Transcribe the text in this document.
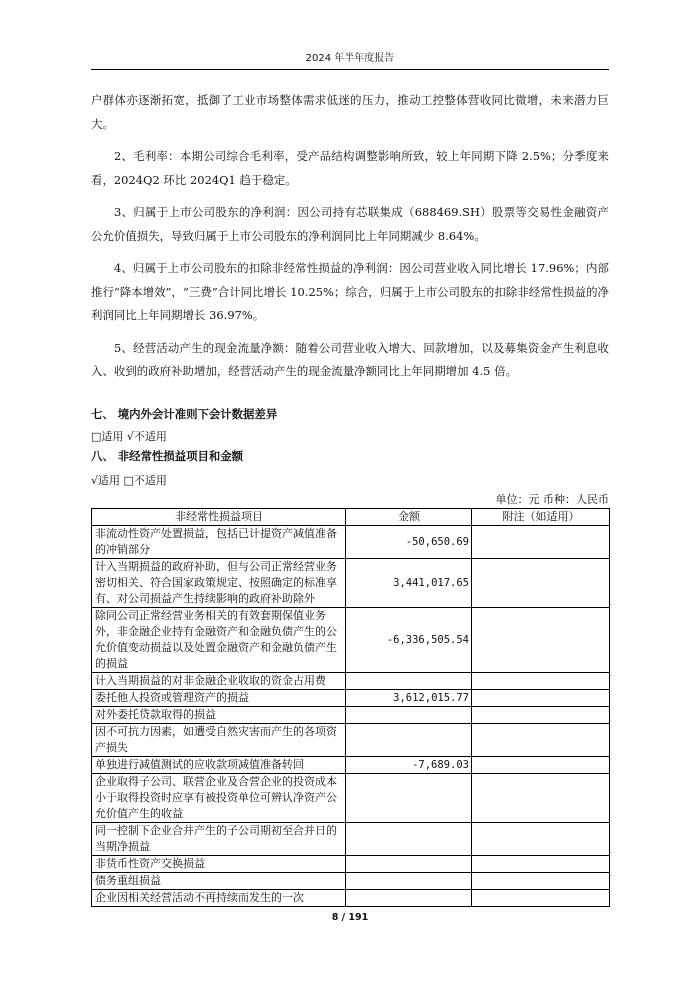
2024 年半年度报告

户群体亦逐渐拓宽，抵御了工业市场整体需求低迷的压力，推动工控整体营收同比微增，未来潜力巨大。

2、毛利率：本期公司综合毛利率，受产品结构调整影响所致，较上年同期下降 2.5%；分季度来看，2024Q2 环比 2024Q1 趋于稳定。

3、归属于上市公司股东的净利润：因公司持有芯联集成（688469.SH）股票等交易性金融资产公允价值损失，导致归属于上市公司股东的净利润同比上年同期减少 8.64%。

4、归属于上市公司股东的扣除非经常性损益的净利润：因公司营业收入同比增长 17.96%；内部推行“降本增效”，“三费”合计同比增长 10.25%；综合，归属于上市公司股东的扣除非经常性损益的净利润同比上年同期增长 36.97%。

5、经营活动产生的现金流量净额：随着公司营业收入增大、回款增加，以及募集资金产生利息收入、收到的政府补助增加，经营活动产生的现金流量净额同比上年同期增加 4.5 倍。

七、 境内外会计准则下会计数据差异

□适用 √不适用

八、 非经常性损益项目和金额

√适用 □不适用

单位：元 币种：人民币
非经常性损益项目	金额	附注（如适用）
非流动性资产处置损益，包括已计提资产减值准备的冲销部分	-50,650.69	
计入当期损益的政府补助，但与公司正常经营业务密切相关、符合国家政策规定、按照确定的标准享有、对公司损益产生持续影响的政府补助除外	3,441,017.65	
除同公司正常经营业务相关的有效套期保值业务外，非金融企业持有金融资产和金融负债产生的公允价值变动损益以及处置金融资产和金融负债产生的损益	-6,336,505.54	
计入当期损益的对非金融企业收取的资金占用费		
委托他人投资或管理资产的损益	3,612,015.77	
对外委托贷款取得的损益		
因不可抗力因素，如遭受自然灾害而产生的各项资产损失		
单独进行减值测试的应收款项减值准备转回	-7,689.03	
企业取得子公司、联营企业及合营企业的投资成本小于取得投资时应享有被投资单位可辨认净资产公允价值产生的收益		
同一控制下企业合并产生的子公司期初至合并日的当期净损益		
非货币性资产交换损益		
债务重组损益		
企业因相关经营活动不再持续而发生的一次		
8 / 191
